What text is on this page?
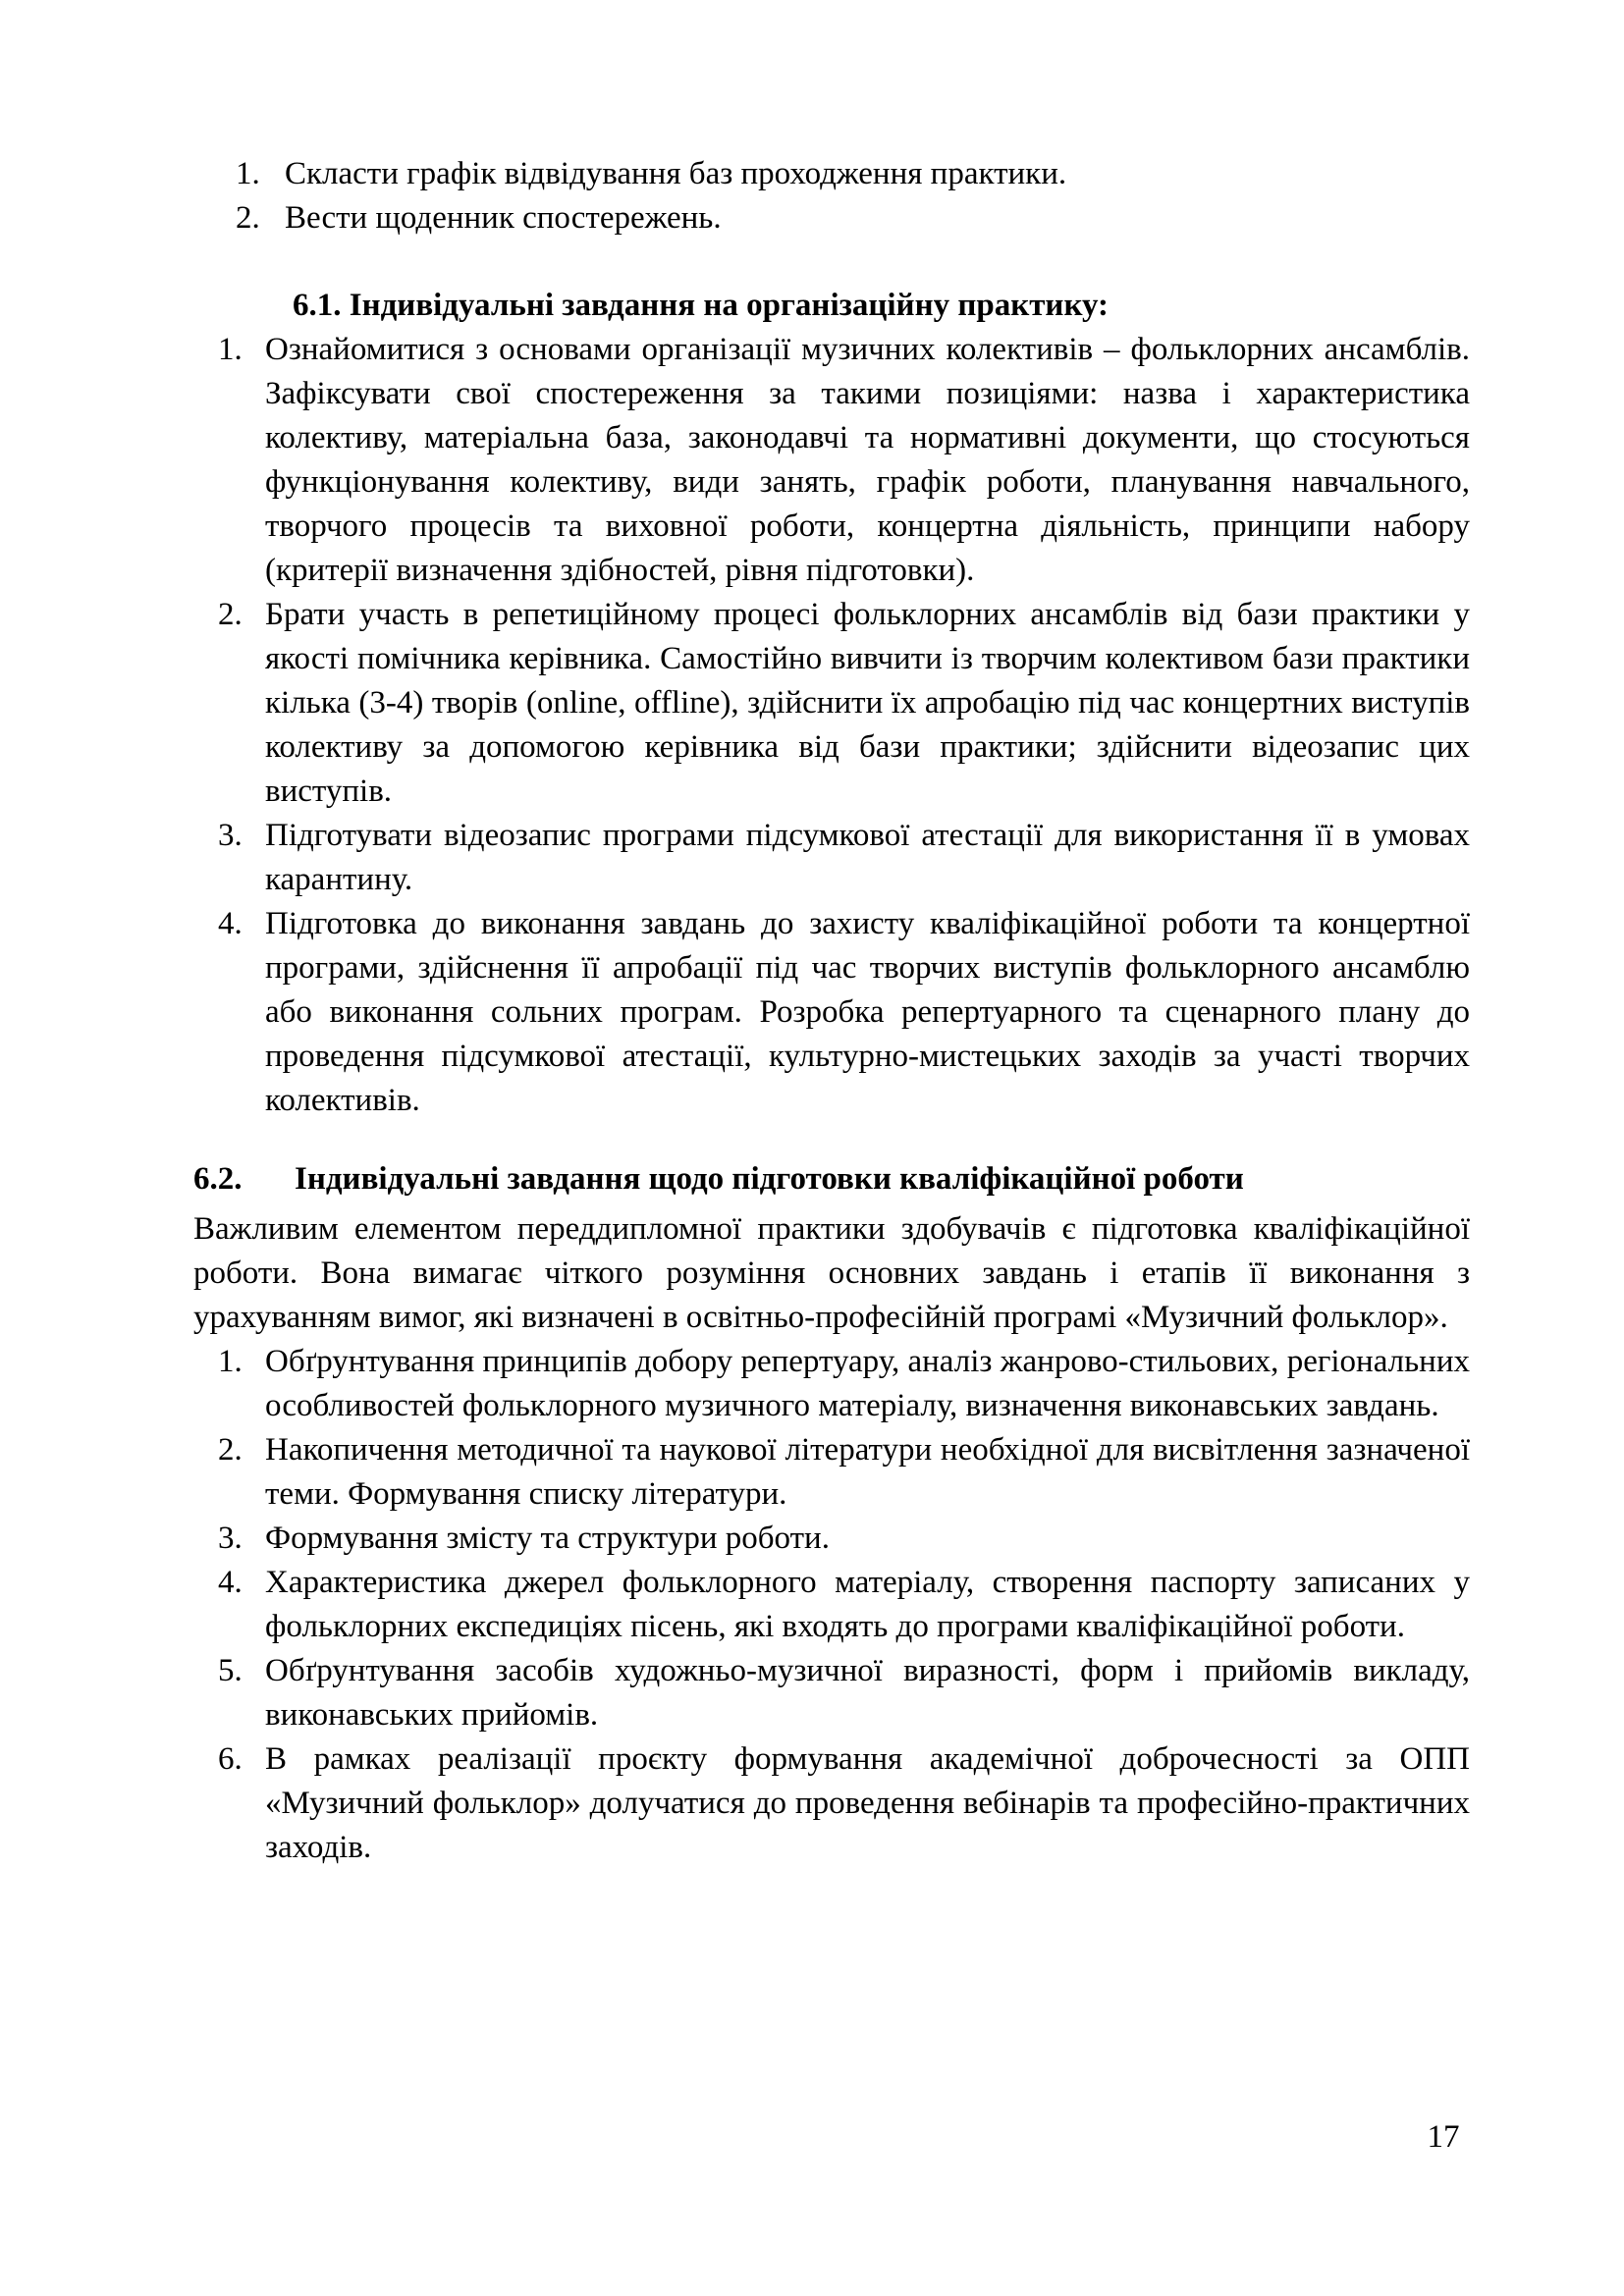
1. Скласти графік відвідування баз проходження практики.
2. Вести щоденник спостережень.
6.1. Індивідуальні завдання на організаційну практику:
1. Ознайомитися з основами організації музичних колективів – фольклорних ансамблів. Зафіксувати свої спостереження за такими позиціями: назва і характеристика колективу, матеріальна база, законодавчі та нормативні документи, що стосуються функціонування колективу, види занять, графік роботи, планування навчального, творчого процесів та виховної роботи, концертна діяльність, принципи набору (критерії визначення здібностей, рівня підготовки).
2. Брати участь в репетиційному процесі фольклорних ансамблів від бази практики у якості помічника керівника. Самостійно вивчити із творчим колективом бази практики кілька (3-4) творів (online, offline), здійснити їх апробацію під час концертних виступів колективу за допомогою керівника від бази практики; здійснити відеозапис цих виступів.
3. Підготувати відеозапис програми підсумкової атестації для використання її в умовах карантину.
4. Підготовка до виконання завдань до захисту кваліфікаційної роботи та концертної програми, здійснення її апробації під час творчих виступів фольклорного ансамблю або виконання сольних програм. Розробка репертуарного та сценарного плану до проведення підсумкової атестації, культурно-мистецьких заходів за участі творчих колективів.
6.2. Індивідуальні завдання щодо підготовки кваліфікаційної роботи
Важливим елементом переддипломної практики здобувачів є підготовка кваліфікаційної роботи. Вона вимагає чіткого розуміння основних завдань і етапів її виконання з урахуванням вимог, які визначені в освітньо-професійній програмі «Музичний фольклор».
1. Обґрунтування принципів добору репертуару, аналіз жанрово-стильових, регіональних особливостей фольклорного музичного матеріалу, визначення виконавських завдань.
2. Накопичення методичної та наукової літератури необхідної для висвітлення зазначеної теми. Формування списку літератури.
3. Формування змісту та структури роботи.
4. Характеристика джерел фольклорного матеріалу, створення паспорту записаних у фольклорних експедиціях пісень, які входять до програми кваліфікаційної роботи.
5. Обґрунтування засобів художньо-музичної виразності, форм і прийомів викладу, виконавських прийомів.
6. В рамках реалізації проєкту формування академічної доброчесності за ОПП «Музичний фольклор» долучатися до проведення вебінарів та професійно-практичних заходів.
17
